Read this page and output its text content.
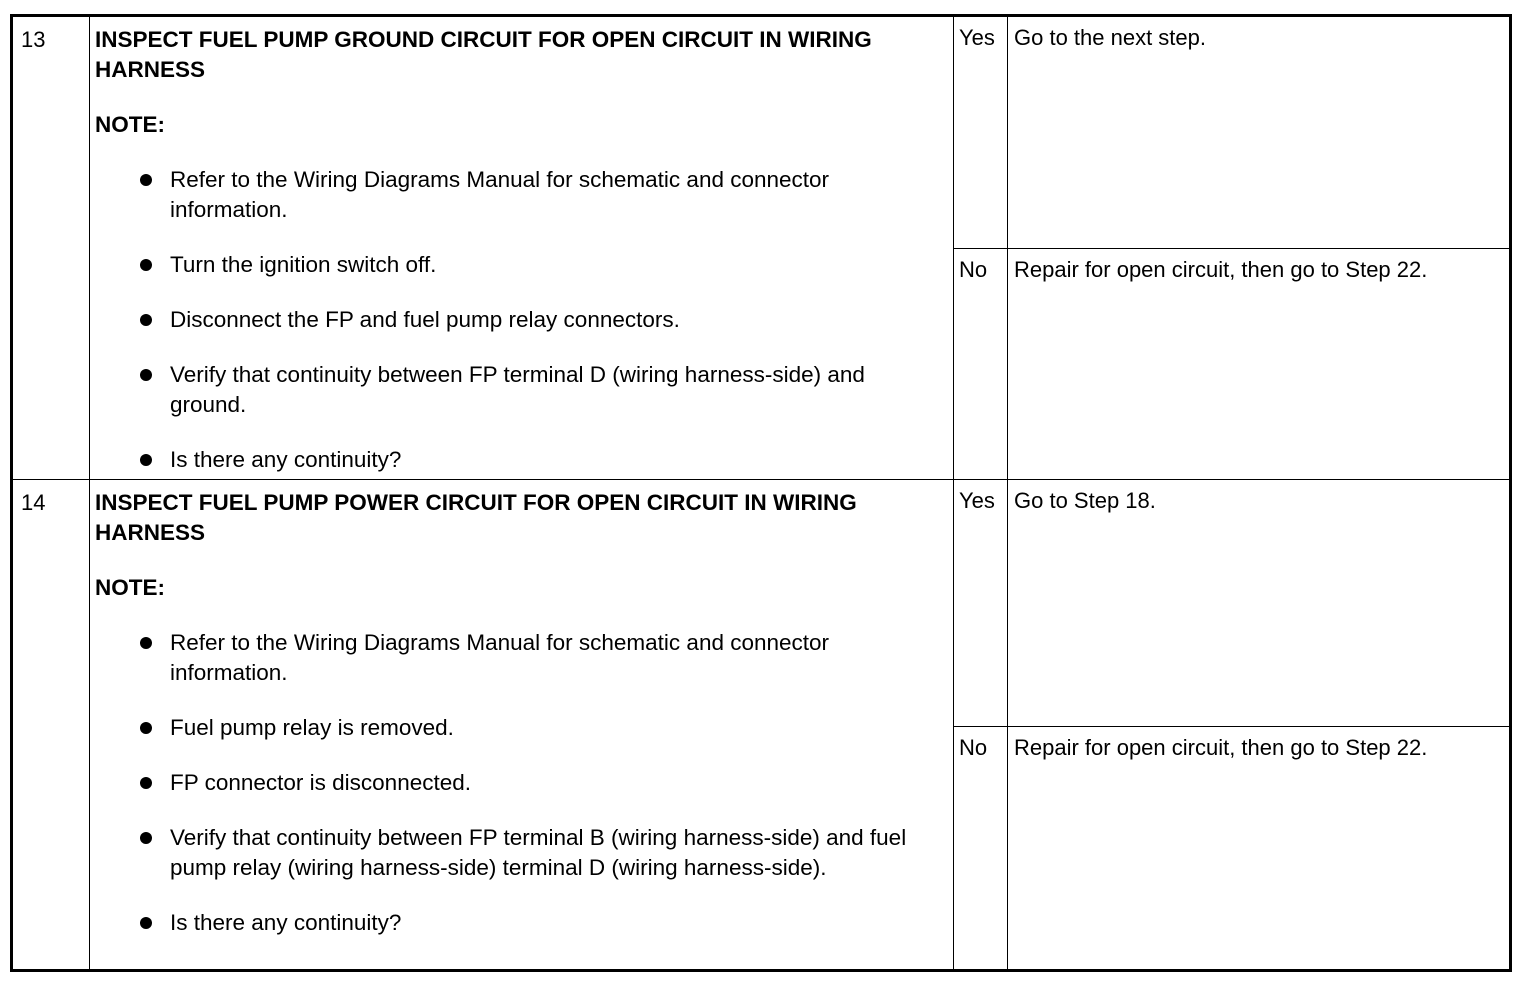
13	INSPECT FUEL PUMP GROUND CIRCUIT FOR OPEN CIRCUIT IN WIRING HARNESS

NOTE:

Refer to the Wiring Diagrams Manual for schematic and connector information.
Turn the ignition switch off.
Disconnect the FP and fuel pump relay connectors.
Verify that continuity between FP terminal D (wiring harness-side) and ground.
Is there any continuity?
Yes Go to the next step.
No	Repair for open circuit, then go to Step 22.
14	INSPECT FUEL PUMP POWER CIRCUIT FOR OPEN CIRCUIT IN WIRING HARNESS

NOTE:

Refer to the Wiring Diagrams Manual for schematic and connector information.
Fuel pump relay is removed.
FP connector is disconnected.
Verify that continuity between FP terminal B (wiring harness-side) and fuel pump relay (wiring harness-side) terminal D (wiring harness-side).
Is there any continuity?
Yes Go to Step 18.
No	Repair for open circuit, then go to Step 22.
